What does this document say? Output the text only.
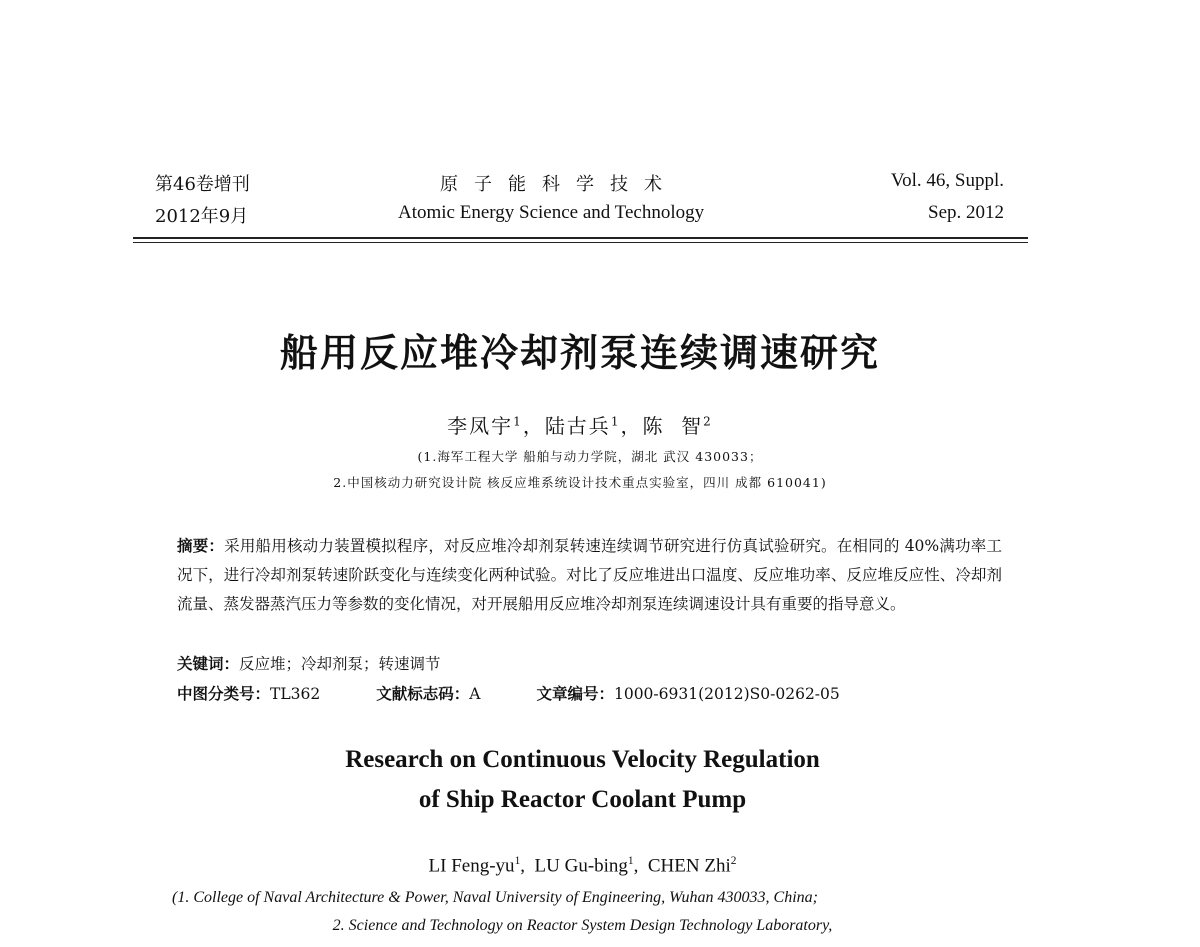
第46卷增刊
2012年9月
原子能科学技术
Atomic Energy Science and Technology
Vol. 46, Suppl.
Sep. 2012
船用反应堆冷却剂泵连续调速研究
李凤宇$^1$，陆古兵$^1$，陈  智$^2$
(1.海军工程大学 船舶与动力学院，湖北 武汉 430033；
2.中国核动力研究设计院 核反应堆系统设计技术重点实验室，四川 成都 610041)
摘要：采用船用核动力装置模拟程序，对反应堆冷却剂泵转速连续调节研究进行仿真试验研究。在相同的 40%满功率工况下，进行冷却剂泵转速阶跃变化与连续变化两种试验。对比了反应堆进出口温度、反应堆功率、反应堆反应性、冷却剂流量、蒸发器蒸汽压力等参数的变化情况，对开展船用反应堆冷却剂泵连续调速设计具有重要的指导意义。
关键词：反应堆；冷却剂泵；转速调节
中图分类号：TL362	文献标志码：A	文章编号：1000-6931(2012)S0-0262-05
Research on Continuous Velocity Regulation
of Ship Reactor Coolant Pump
LI Feng-$yu^1$,  LU Gu-bing$^1$,  CHEN Zhi$^2$
(1. College of Naval Architecture & Power, Naval University of Engineering, Wuhan 430033, China;
2. Science and Technology on Reactor System Design Technology Laboratory,
